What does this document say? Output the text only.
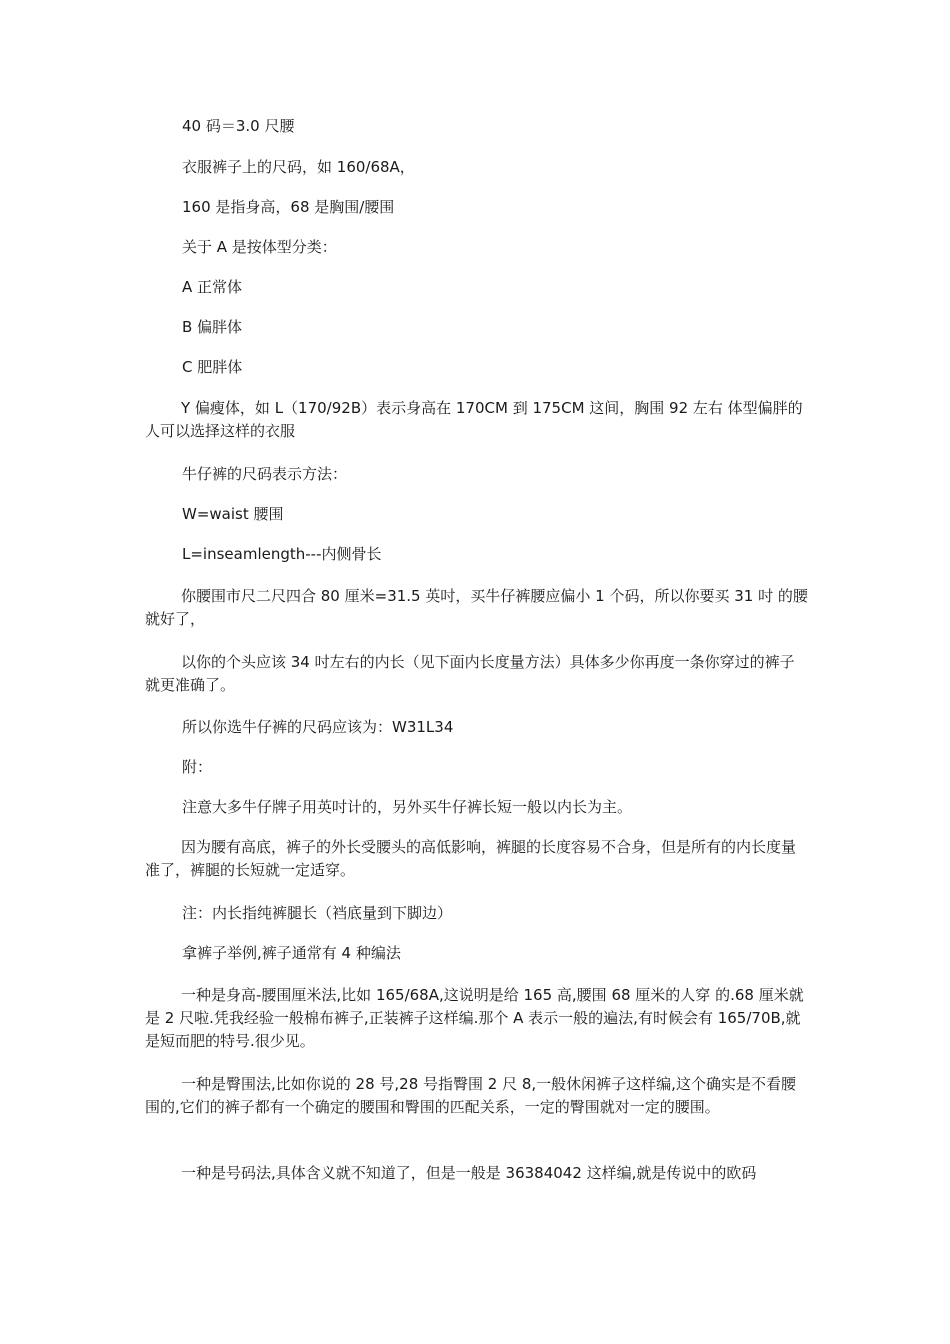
40 码＝3.0 尺腰

衣服裤子上的尺码，如 160/68A，

160 是指身高，68 是胸围/腰围

关于 A 是按体型分类：

A 正常体

B 偏胖体

C 肥胖体

Y 偏瘦体，如 L（170/92B）表示身高在 170CM 到 175CM 这间，胸围 92 左右 体型偏胖的人可以选择这样的衣服

牛仔裤的尺码表示方法：

W=waist 腰围

L=inseamlength---内侧骨长

你腰围市尺二尺四合 80 厘米=31.5 英吋，买牛仔裤腰应偏小 1 个码，所以你要买 31 吋 的腰就好了，

以你的个头应该 34 吋左右的内长（见下面内长度量方法）具体多少你再度一条你穿过的裤子 就更准确了。

所以你选牛仔裤的尺码应该为：W31L34

附：

注意大多牛仔牌子用英吋计的，另外买牛仔裤长短一般以内长为主。

因为腰有高底，裤子的外长受腰头的高低影响，裤腿的长度容易不合身，但是所有的内长度量 准了，裤腿的长短就一定适穿。

注：内长指纯裤腿长（裆底量到下脚边）

拿裤子举例,裤子通常有 4 种编法

一种是身高-腰围厘米法,比如 165/68A,这说明是给 165 高,腰围 68 厘米的人穿 的.68 厘米就是 2 尺啦.凭我经验一般棉布裤子,正装裤子这样编.那个 A 表示一般的遍法,有时候会有 165/70B,就是短而肥的特号.很少见。

一种是臀围法,比如你说的 28 号,28 号指臀围 2 尺 8,一般休闲裤子这样编,这个确实是不看腰围的,它们的裤子都有一个确定的腰围和臀围的匹配关系，一定的臀围就对一定的腰围。

一种是号码法,具体含义就不知道了，但是一般是 36384042 这样编,就是传说中的欧码
